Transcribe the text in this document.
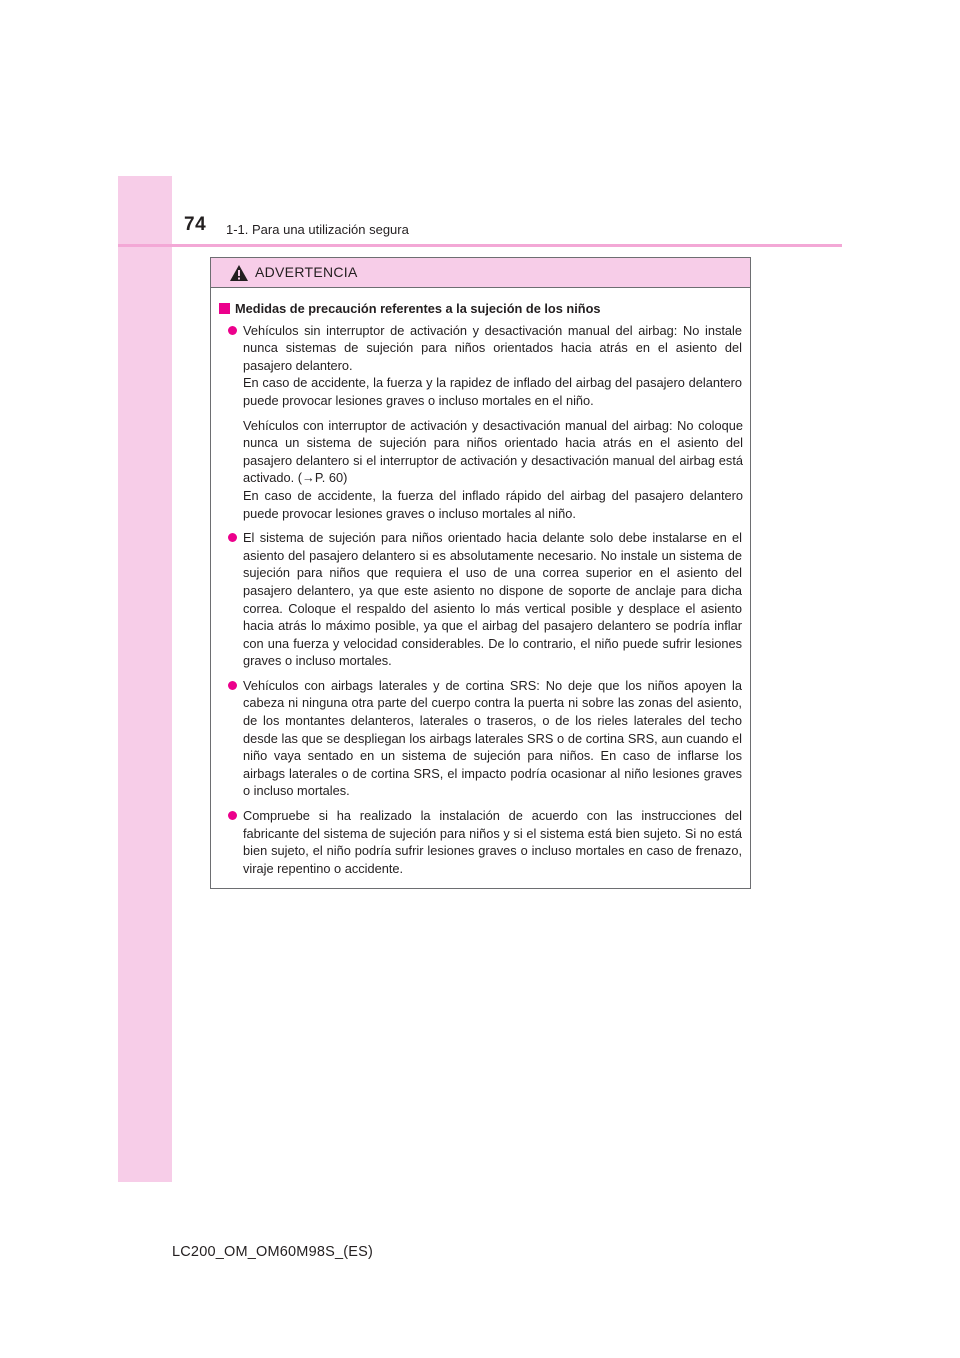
74 1-1. Para una utilización segura
ADVERTENCIA
Medidas de precaución referentes a la sujeción de los niños

Vehículos sin interruptor de activación y desactivación manual del airbag: No instale nunca sistemas de sujeción para niños orientados hacia atrás en el asiento del pasajero delantero.

En caso de accidente, la fuerza y la rapidez de inflado del airbag del pasajero delantero puede provocar lesiones graves o incluso mortales en el niño.

Vehículos con interruptor de activación y desactivación manual del airbag: No coloque nunca un sistema de sujeción para niños orientado hacia atrás en el asiento del pasajero delantero si el interruptor de activación y desactivación manual del airbag está activado. (→P. 60)

En caso de accidente, la fuerza del inflado rápido del airbag del pasajero delantero puede provocar lesiones graves o incluso mortales al niño.

El sistema de sujeción para niños orientado hacia delante solo debe instalarse en el asiento del pasajero delantero si es absolutamente necesario. No instale un sistema de sujeción para niños que requiera el uso de una correa superior en el asiento del pasajero delantero, ya que este asiento no dispone de soporte de anclaje para dicha correa. Coloque el respaldo del asiento lo más vertical posible y desplace el asiento hacia atrás lo máximo posible, ya que el airbag del pasajero delantero se podría inflar con una fuerza y velocidad considerables. De lo contrario, el niño puede sufrir lesiones graves o incluso mortales.

Vehículos con airbags laterales y de cortina SRS: No deje que los niños apoyen la cabeza ni ninguna otra parte del cuerpo contra la puerta ni sobre las zonas del asiento, de los montantes delanteros, laterales o traseros, o de los rieles laterales del techo desde las que se despliegan los airbags laterales SRS o de cortina SRS, aun cuando el niño vaya sentado en un sistema de sujeción para niños. En caso de inflarse los airbags laterales o de cortina SRS, el impacto podría ocasionar al niño lesiones graves o incluso mortales.

Compruebe si ha realizado la instalación de acuerdo con las instrucciones del fabricante del sistema de sujeción para niños y si el sistema está bien sujeto. Si no está bien sujeto, el niño podría sufrir lesiones graves o incluso mortales en caso de frenazo, viraje repentino o accidente.

LC200_OM_OM60M98S_(ES)
